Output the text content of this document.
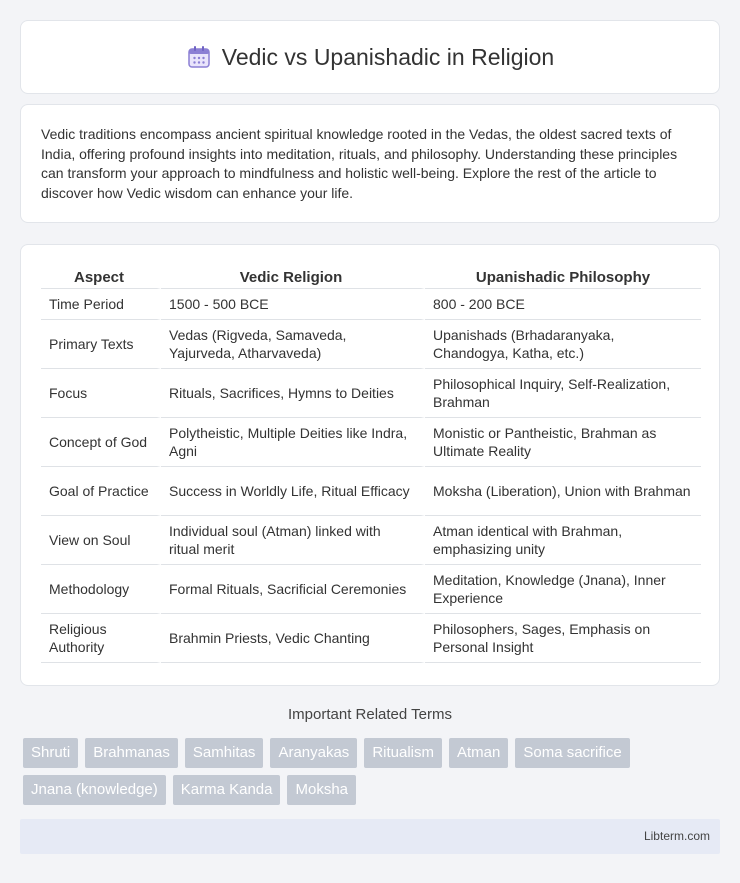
Vedic vs Upanishadic in Religion

Vedic traditions encompass ancient spiritual knowledge rooted in the Vedas, the oldest sacred texts of India, offering profound insights into meditation, rituals, and philosophy. Understanding these principles can transform your approach to mindfulness and holistic well-being. Explore the rest of the article to discover how Vedic wisdom can enhance your life.

Aspect	Vedic Religion	Upanishadic Philosophy
Time Period	1500 - 500 BCE	800 - 200 BCE
Primary Texts	Vedas (Rigveda, Samaveda, Yajurveda, Atharvaveda)	Upanishads (Brhadaranyaka, Chandogya, Katha, etc.)
Focus	Rituals, Sacrifices, Hymns to Deities	Philosophical Inquiry, Self-Realization, Brahman
Concept of God	Polytheistic, Multiple Deities like Indra, Agni	Monistic or Pantheistic, Brahman as Ultimate Reality
Goal of Practice	Success in Worldly Life, Ritual Efficacy	Moksha (Liberation), Union with Brahman
View on Soul	Individual soul (Atman) linked with ritual merit	Atman identical with Brahman, emphasizing unity
Methodology	Formal Rituals, Sacrificial Ceremonies	Meditation, Knowledge (Jnana), Inner Experience
Religious Authority	Brahmin Priests, Vedic Chanting	Philosophers, Sages, Emphasis on Personal Insight
Important Related Terms
Shruti	Brahmanas	Samhitas	Aranyakas	Ritualism	Atman	Soma sacrifice
Jnana (knowledge)	Karma Kanda	Moksha
Libterm.com
